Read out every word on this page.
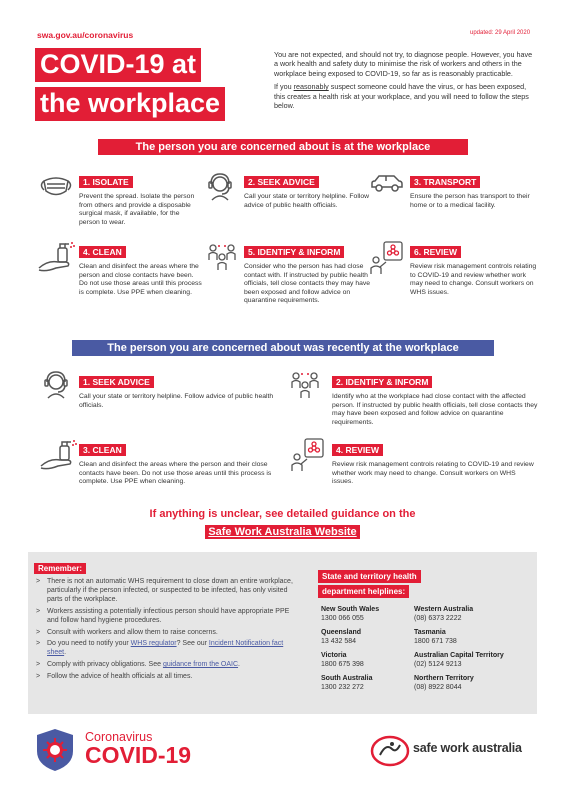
swa.gov.au/coronavirus	updated: 29 April 2020
COVID-19 at
the workplace

You are not expected, and should not try, to diagnose people. However, you have a work health and safety duty to minimise the risk of workers and others in the workplace being exposed to COVID-19, so far as is reasonably practicable.

If you reasonably suspect someone could have the virus, or has been exposed, this creates a health risk at your workplace, and you will need to follow the steps below.

The person you are concerned about is at the workplace
1. ISOLATE
Prevent the spread. Isolate the person from others and provide a disposable surgical mask, if available, for the person to wear.
2. SEEK ADVICE
Call your state or territory helpline. Follow advice of public health officials.
3. TRANSPORT
Ensure the person has transport to their home or to a medical facility.
4. CLEAN
Clean and disinfect the areas where the person and close contacts have been. Do not use those areas until this process is complete. Use PPE when cleaning.
5. IDENTIFY & INFORM
Consider who the person has had close contact with. If instructed by public health officials, tell close contacts they may have been exposed and follow advice on quarantine requirements.
6. REVIEW
Review risk management controls relating to COVID-19 and review whether work may need to change. Consult workers on WHS issues.
The person you are concerned about was recently at the workplace
1. SEEK ADVICE
Call your state or territory helpline. Follow advice of public health officials.
2. IDENTIFY & INFORM
Identify who at the workplace had close contact with the affected person. If instructed by public health officials, tell close contacts they may have been exposed and follow advice on quarantine requirements.
3. CLEAN
Clean and disinfect the areas where the person and their close contacts have been. Do not use those areas until this process is complete. Use PPE when cleaning.
4. REVIEW
Review risk management controls relating to COVID-19 and review whether work may need to change. Consult workers on WHS issues.
If anything is unclear, see detailed guidance on the
Safe Work Australia Website
Remember:
> There is not an automatic WHS requirement to close down an entire workplace, particularly if the person infected, or suspected to be infected, has only visited parts of the workplace.
> Workers assisting a potentially infectious person should have appropriate PPE and follow hand hygiene procedures.
> Consult with workers and allow them to raise concerns.
> Do you need to notify your WHS regulator? See our Incident Notification fact sheet.
> Comply with privacy obligations. See guidance from the OAIC.
> Follow the advice of health officials at all times.
State and territory health
department helplines:
New South Wales
1300 066 055
Western Australia
(08) 6373 2222
Queensland
13 432 584
Tasmania
1800 671 738
Victoria
1800 675 398
Australian Capital Territory
(02) 5124 9213
South Australia
1300 232 272
Northern Territory
(08) 8922 8044
Coronavirus
COVID-19	safe work australia
